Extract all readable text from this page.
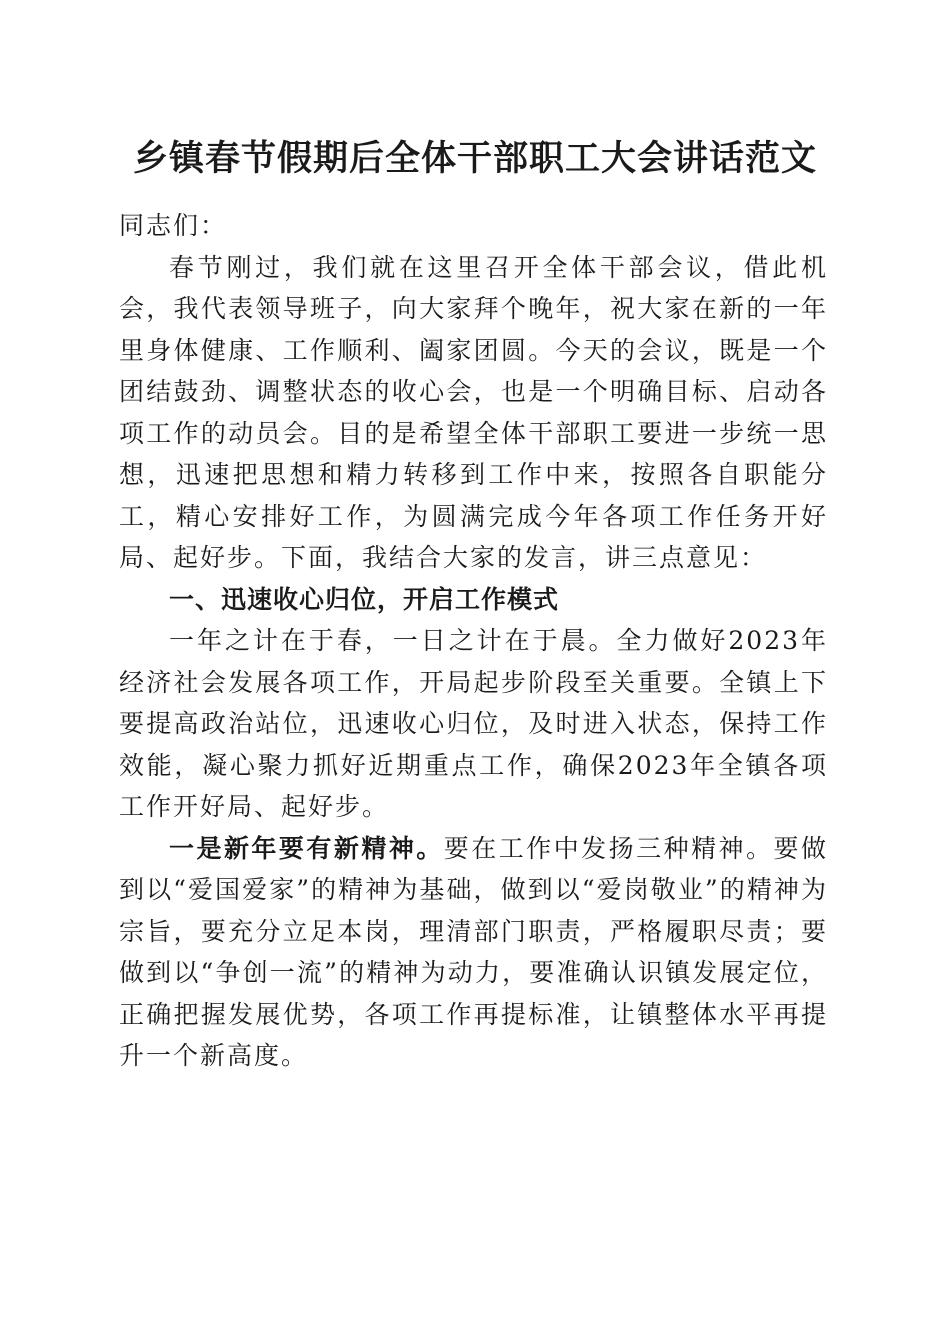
乡镇春节假期后全体干部职工大会讲话范文

同志们：

春节刚过，我们就在这里召开全体干部会议，借此机会，我代表领导班子，向大家拜个晚年，祝大家在新的一年里身体健康、工作顺利、阖家团圆。今天的会议，既是一个团结鼓劲、调整状态的收心会，也是一个明确目标、启动各项工作的动员会。目的是希望全体干部职工要进一步统一思想，迅速把思想和精力转移到工作中来，按照各自职能分工，精心安排好工作，为圆满完成今年各项工作任务开好局、起好步。下面，我结合大家的发言，讲三点意见：

一、迅速收心归位，开启工作模式

一年之计在于春，一日之计在于晨。全力做好2023年经济社会发展各项工作，开局起步阶段至关重要。全镇上下要提高政治站位，迅速收心归位，及时进入状态，保持工作效能，凝心聚力抓好近期重点工作，确保2023年全镇各项工作开好局、起好步。

一是新年要有新精神。要在工作中发扬三种精神。要做到以“爱国爱家”的精神为基础，做到以“爱岗敬业”的精神为宗旨，要充分立足本岗，理清部门职责，严格履职尽责；要做到以“争创一流”的精神为动力，要准确认识镇发展定位，正确把握发展优势，各项工作再提标准，让镇整体水平再提升一个新高度。
